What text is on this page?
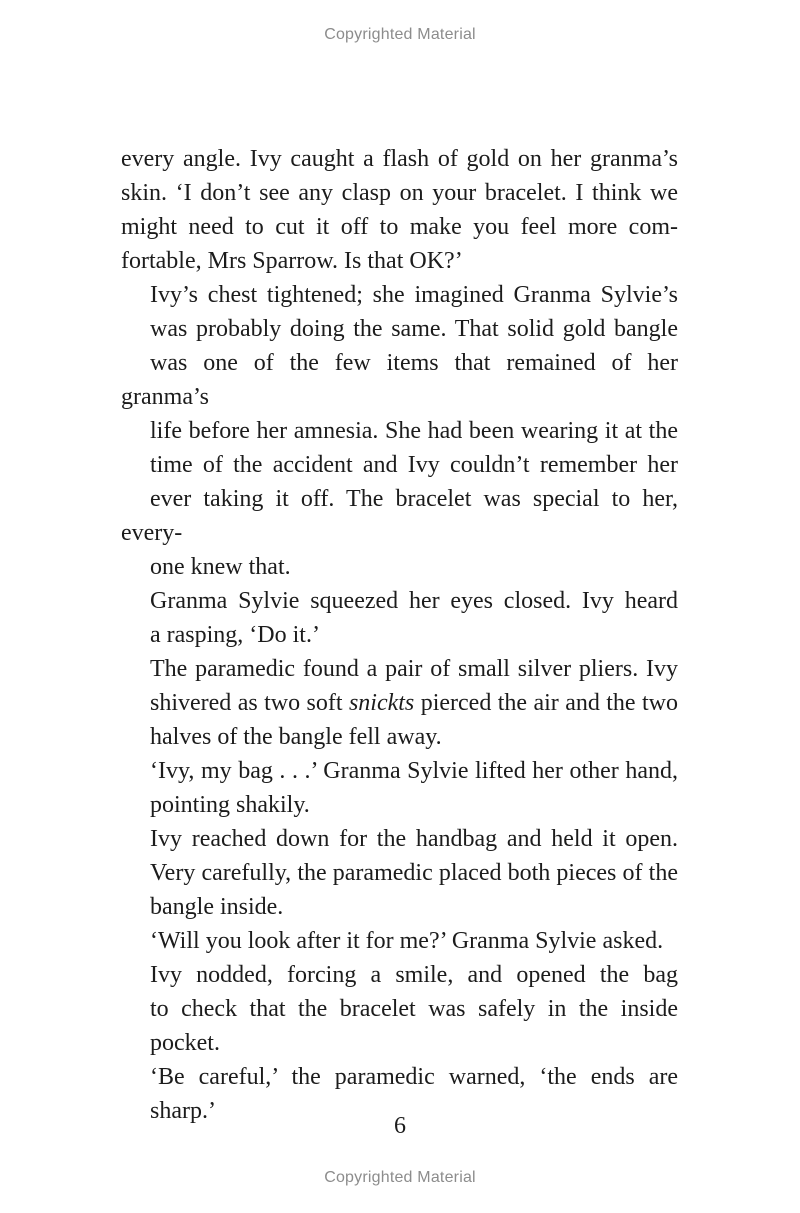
Copyrighted Material

every angle. Ivy caught a flash of gold on her granma’s
skin. ‘I don’t see any clasp on your bracelet. I think we
might need to cut it off to make you feel more com-
fortable, Mrs Sparrow. Is that OK?’

Ivy’s chest tightened; she imagined Granma Sylvie’s
was probably doing the same. That solid gold bangle
was one of the few items that remained of her granma’s
life before her amnesia. She had been wearing it at the
time of the accident and Ivy couldn’t remember her
ever taking it off. The bracelet was special to her, every-
one knew that.

Granma Sylvie squeezed her eyes closed. Ivy heard
a rasping, ‘Do it.’

The paramedic found a pair of small silver pliers. Ivy
shivered as two soft snickts pierced the air and the two
halves of the bangle fell away.

‘Ivy, my bag . . .’ Granma Sylvie lifted her other hand,
pointing shakily.

Ivy reached down for the handbag and held it open.
Very carefully, the paramedic placed both pieces of the
bangle inside.

‘Will you look after it for me?’ Granma Sylvie asked.

Ivy nodded, forcing a smile, and opened the bag
to check that the bracelet was safely in the inside
pocket.

‘Be careful,’ the paramedic warned, ‘the ends are
sharp.’

6
Copyrighted Material
